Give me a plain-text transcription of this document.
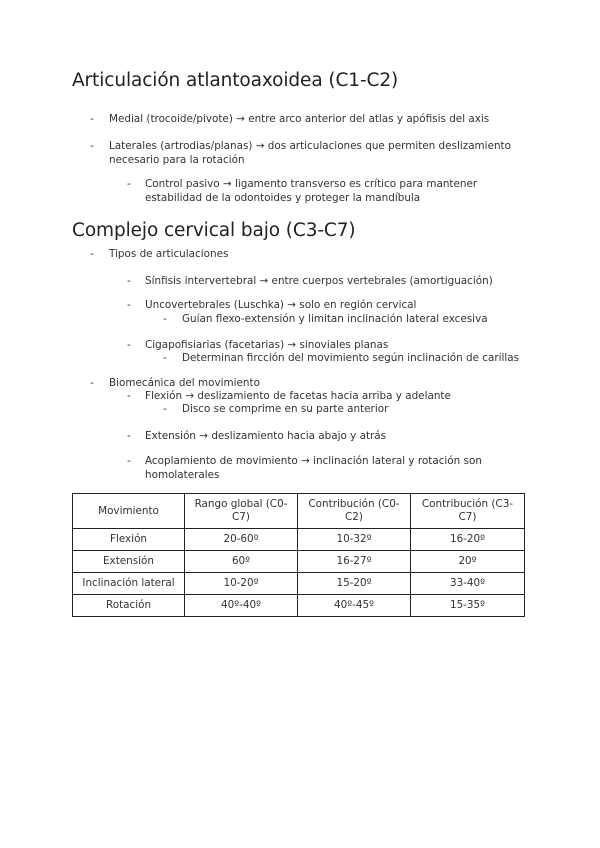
Articulación atlantoaxoidea (C1-C2)
- Medial (trocoide/pivote) → entre arco anterior del atlas y apófisis del axis
- Laterales (artrodias/planas) → dos articulaciones que permiten deslizamiento necesario para la rotación
- Control pasivo → ligamento transverso es crítico para mantener estabilidad de la odontoides y proteger la mandíbula
Complejo cervical bajo (C3-C7)
- Tipos de articulaciones
- Sínfisis intervertebral → entre cuerpos vertebrales (amortiguación)
- Uncovertebrales (Luschka) → solo en región cervical
- Guían flexo-extensión y limitan inclinación lateral excesiva
- Cigapofisiarias (facetarias) → sinoviales planas
- Determinan fircción del movimiento según inclinación de carillas
- Biomecánica del movimiento
- Flexión → deslizamiento de facetas hacia arriba y adelante
- Disco se comprime en su parte anterior
- Extensión → deslizamiento hacia abajo y atrás
- Acoplamiento de movimiento → inclinación lateral y rotación son homolaterales
Movimiento	Rango global (C0-C7)	Contribución (C0-C2)	Contribución (C3-C7)
Flexión	20-60º	10-32º	16-20º
Extensión	60º	16-27º	20º
Inclinación lateral	10-20º	15-20º	33-40º
Rotación	40º-40º	40º-45º	15-35º
